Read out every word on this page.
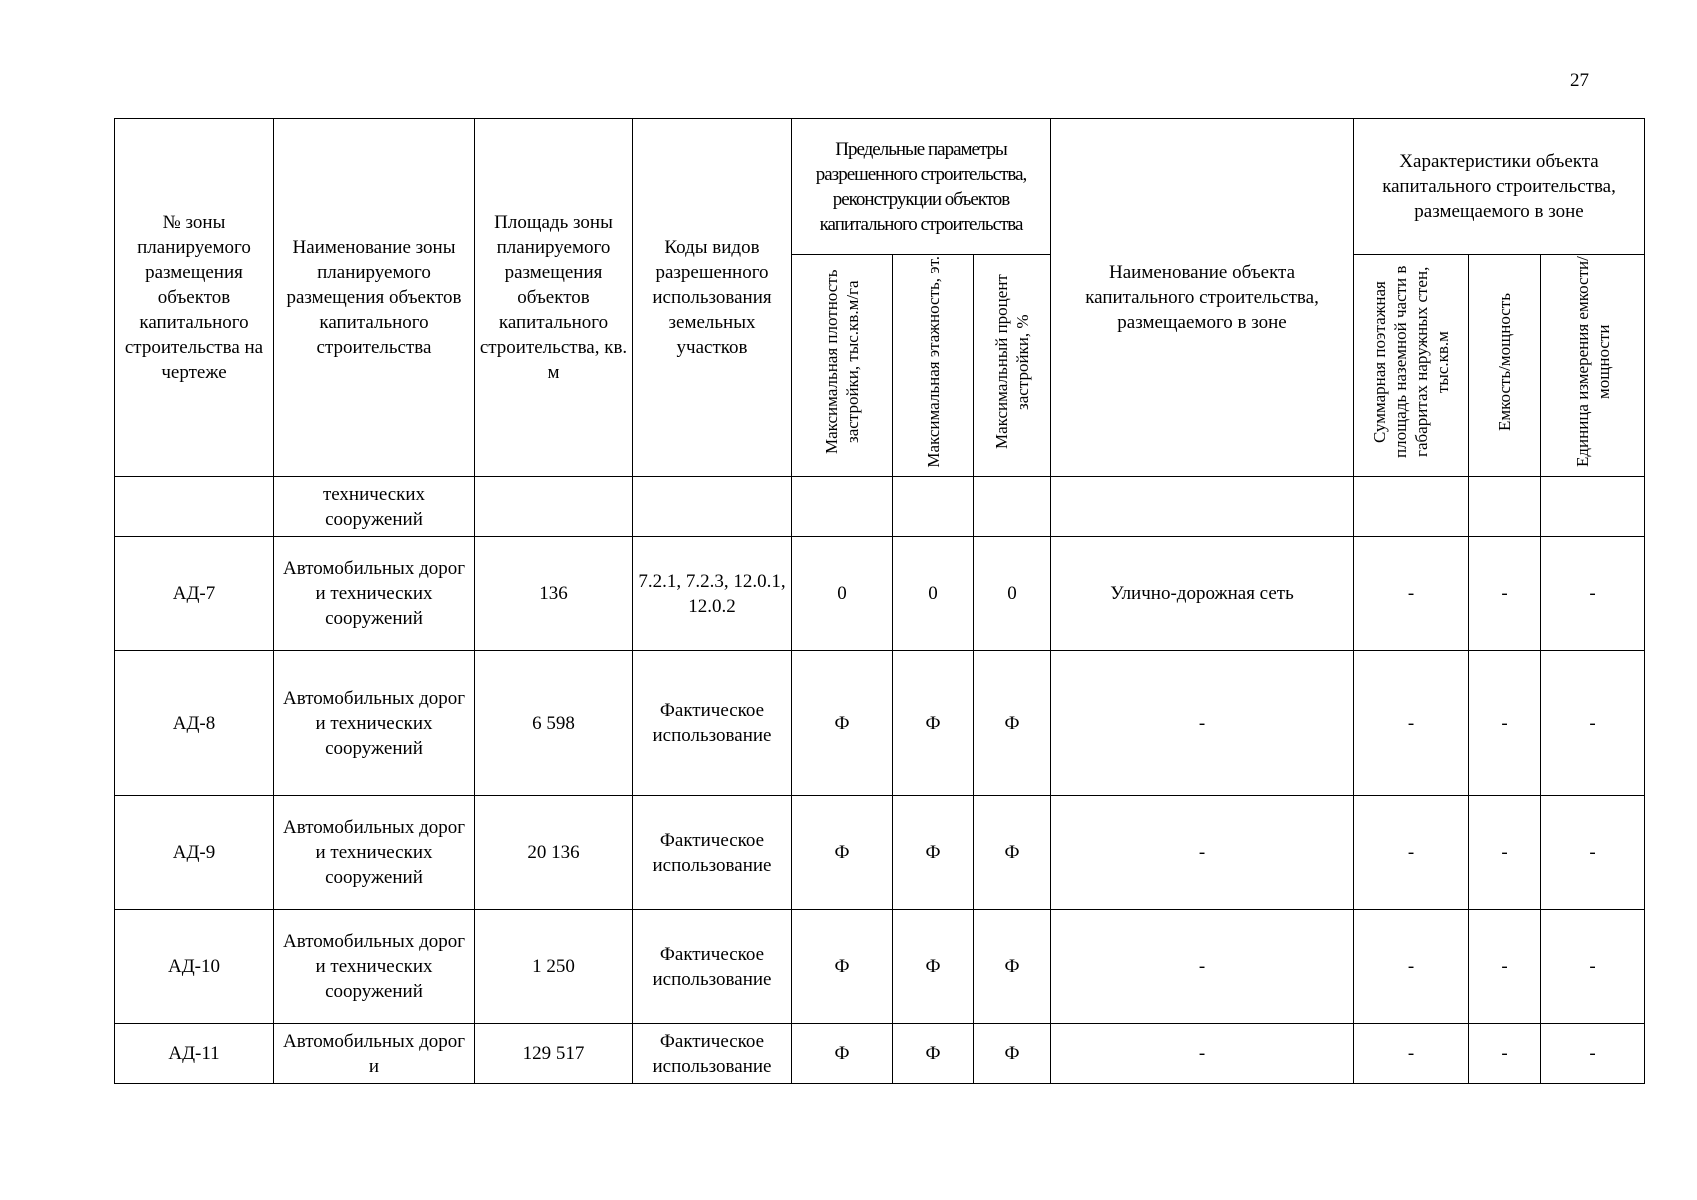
27
№ зоны планируемого размещения объектов капитального строительства на чертеже	Наименование зоны планируемого размещения объектов капитального строительства	Площадь зоны планируемого размещения объектов капитального строительства, кв. м	Коды видов разрешенного использования земельных участков	Предельные параметры разрешенного строительства, реконструкции объектов капитального строительства			Наименование объекта капитального строительства, размещаемого в зоне	Характеристики объекта капитального строительства, размещаемого в зоне		
				Максимальная плотность застройки, тыс.кв.м/га	Максимальная этажность, эт.	Максимальный процент застройки, %		Суммарная поэтажная площадь наземной части в габаритах наружных стен, тыс.кв.м	Емкость/мощность	Единица измерения емкости/мощности
	технических сооружений									
АД-7	Автомобильных дорог и технических сооружений	136	7.2.1, 7.2.3, 12.0.1, 12.0.2	0	0	0	Улично-дорожная сеть	-	-	-
АД-8	Автомобильных дорог и технических сооружений	6 598	Фактическое использование	Ф	Ф	Ф	-	-	-	-
АД-9	Автомобильных дорог и технических сооружений	20 136	Фактическое использование	Ф	Ф	Ф	-	-	-	-
АД-10	Автомобильных дорог и технических сооружений	1 250	Фактическое использование	Ф	Ф	Ф	-	-	-	-
АД-11	Автомобильных дорог и	129 517	Фактическое использование	Ф	Ф	Ф	-	-	-	-
